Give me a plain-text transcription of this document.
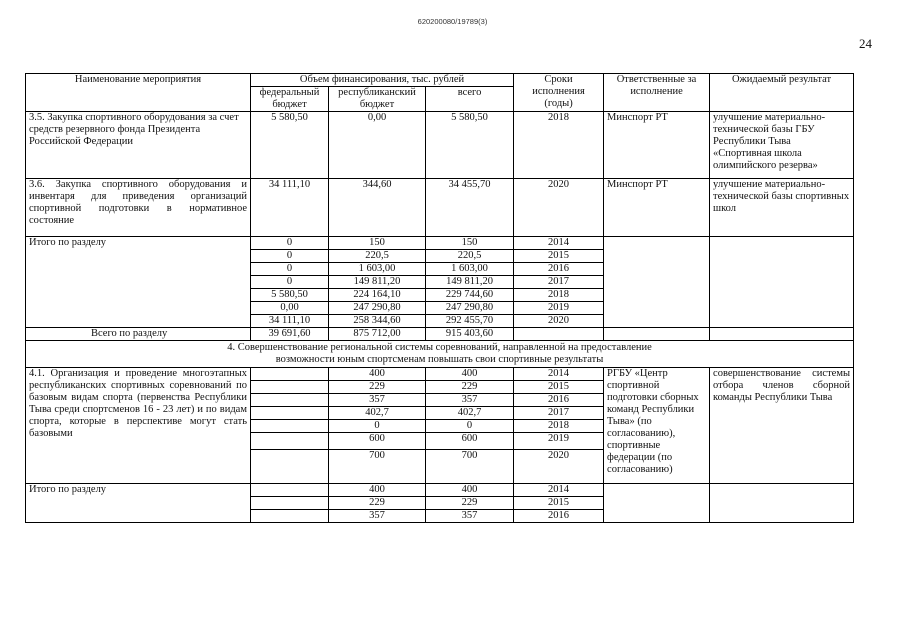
620200080/19789(3)
24
Наименование мероприятия	Объем финансирования, тыс. рублей			Сроки исполнения (годы)	Ответственные за исполнение	Ожидаемый результат
	федеральный бюджет	республиканский бюджет	всего			
3.5. Закупка спортивного оборудования за счет средств резервного фонда Президента Российской Федерации	5 580,50	0,00	5 580,50	2018	Минспорт РТ	улучшение материально-технической базы ГБУ Республики Тыва «Спортивная школа олимпийского резерва»
3.6. Закупка спортивного оборудования и инвентаря для приведения организаций спортивной подготовки в нормативное состояние	34 111,10	344,60	34 455,70	2020	Минспорт РТ	улучшение материально-технической базы спортивных школ
Итого по разделу	0	150	150	2014		
	0	220,5	220,5	2015		
	0	1 603,00	1 603,00	2016		
	0	149 811,20	149 811,20	2017		
	5 580,50	224 164,10	229 744,60	2018		
	0,00	247 290,80	247 290,80	2019		
	34 111,10	258 344,60	292 455,70	2020		
Всего по разделу	39 691,60	875 712,00	915 403,60			
4. Совершенствование региональной системы соревнований, направленной на предоставление возможности юным спортсменам повышать свои спортивные результаты						
4.1. Организация и проведение многоэтапных республиканских спортивных соревнований по базовым видам спорта (первенства Республики Тыва среди спортсменов 16 - 23 лет) и по видам спорта, которые в перспективе могут стать базовыми		400	400	2014	РГБУ «Центр спортивной подготовки сборных команд Республики Тыва» (по согласованию), спортивные федерации (по согласованию)	совершенствование системы отбора членов сборной команды Республики Тыва
		229	229	2015		
		357	357	2016		
		402,7	402,7	2017		
		0	0	2018		
		600	600	2019		
		700	700	2020		
Итого по разделу		400	400	2014		
		229	229	2015		
		357	357	2016		
